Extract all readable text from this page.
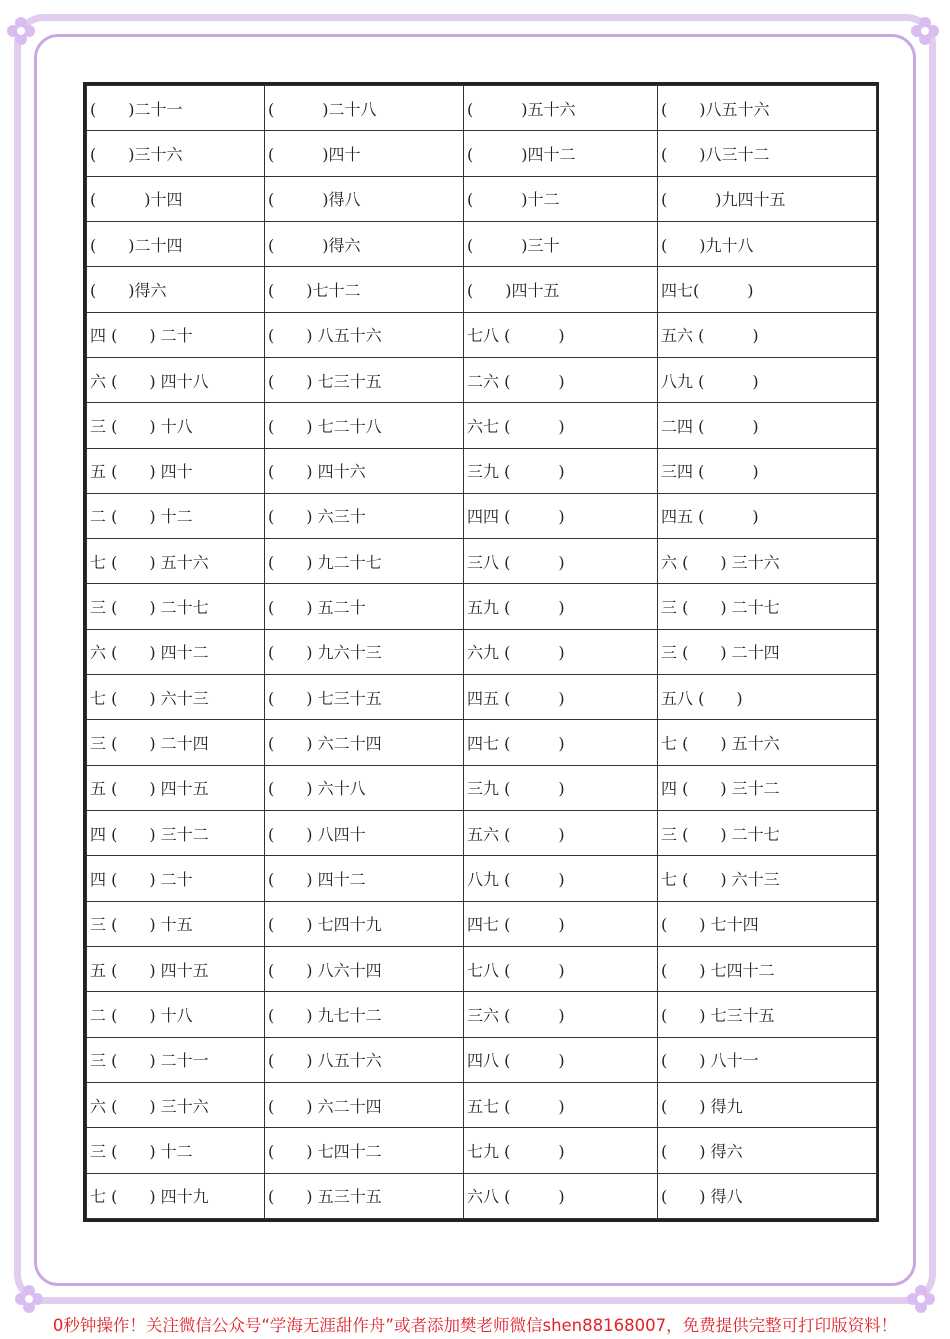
(　　)二十一	(　　　)二十八	(　　　)五十六	(　　)八五十六
(　　)三十六	(　　　)四十	(　　　)四十二	(　　)八三十二
(　　　)十四	(　　　)得八	(　　　)十二	(　　　)九四十五
(　　)二十四	(　　　)得六	(　　　)三十	(　　)九十八
(　　)得六	(　　)七十二	(　　)四十五	四七(　　　)
四 (　　) 二十	(　　) 八五十六	七八 (　　　)	五六 (　　　)
六 (　　) 四十八	(　　) 七三十五	二六 (　　　)	八九 (　　　)
三 (　　) 十八	(　　) 七二十八	六七 (　　　)	二四 (　　　)
五 (　　) 四十	(　　) 四十六	三九 (　　　)	三四 (　　　)
二 (　　) 十二	(　　) 六三十	四四 (　　　)	四五 (　　　)
七 (　　) 五十六	(　　) 九二十七	三八 (　　　)	六 (　　) 三十六
三 (　　) 二十七	(　　) 五二十	五九 (　　　)	三 (　　) 二十七
六 (　　) 四十二	(　　) 九六十三	六九 (　　　)	三 (　　) 二十四
七 (　　) 六十三	(　　) 七三十五	四五 (　　　)	五八 (　　)
三 (　　) 二十四	(　　) 六二十四	四七 (　　　)	七 (　　) 五十六
五 (　　) 四十五	(　　) 六十八	三九 (　　　)	四 (　　) 三十二
四 (　　) 三十二	(　　) 八四十	五六 (　　　)	三 (　　) 二十七
四 (　　) 二十	(　　) 四十二	八九 (　　　)	七 (　　) 六十三
三 (　　) 十五	(　　) 七四十九	四七 (　　　)	(　　) 七十四
五 (　　) 四十五	(　　) 八六十四	七八 (　　　)	(　　) 七四十二
二 (　　) 十八	(　　) 九七十二	三六 (　　　)	(　　) 七三十五
三 (　　) 二十一	(　　) 八五十六	四八 (　　　)	(　　) 八十一
六 (　　) 三十六	(　　) 六二十四	五七 (　　　)	(　　) 得九
三 (　　) 十二	(　　) 七四十二	七九 (　　　)	(　　) 得六
七 (　　) 四十九	(　　) 五三十五	六八 (　　　)	(　　) 得八
0秒钟操作！关注微信公众号“学海无涯甜作舟”或者添加樊老师微信shen88168007，免费提供完整可打印版资料！
